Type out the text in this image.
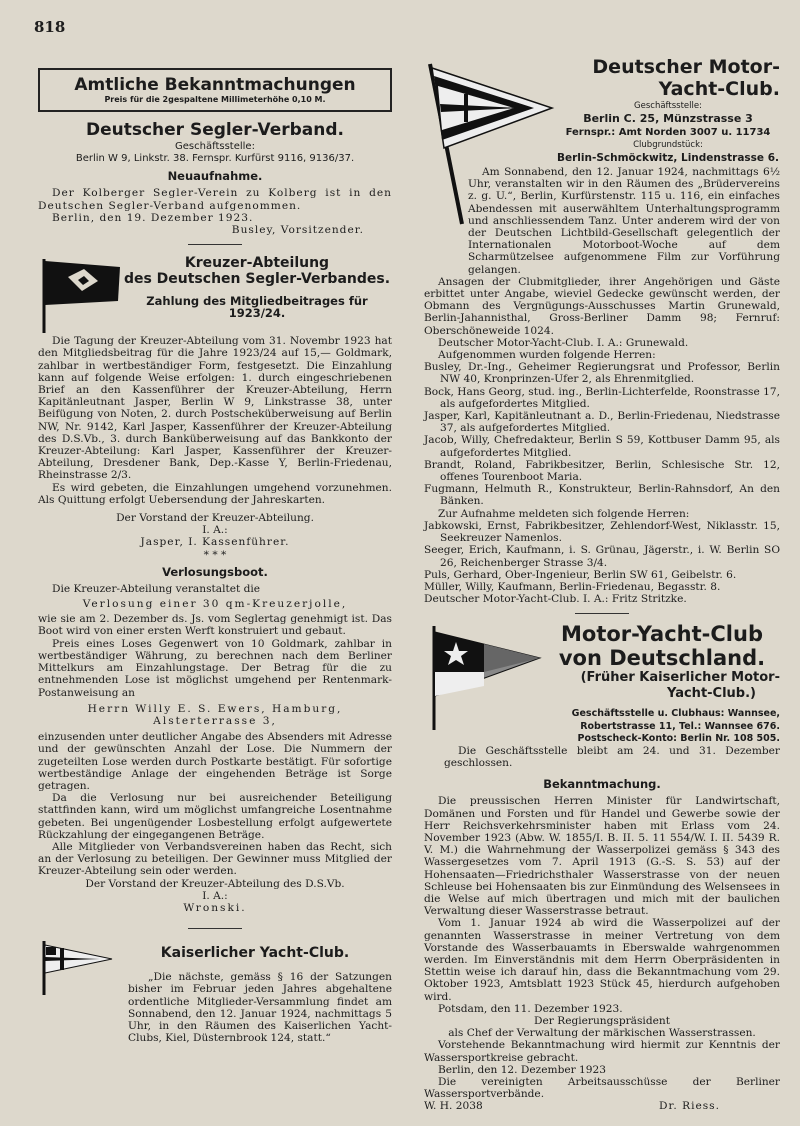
818
Amtliche Bekanntmachungen
Preis für die 2gespaltene Millimeterhöhe 0,10 M.
Deutscher Segler-Verband.

Geschäftsstelle:

Berlin W 9, Linkstr. 38. Fernspr. Kurfürst 9116, 9136/37.

Neuaufnahme.

Der Kolberger Segler-Verein zu Kolberg ist in den Deutschen Segler-Verband aufgenommen.

Berlin, den 19. Dezember 1923.

Busley, Vorsitzender.

Kreuzer-Abteilung
des Deutschen Segler-Verbandes.
Zahlung des Mitgliedbeitrages für 1923/24.

Die Tagung der Kreuzer-Abteilung vom 31. Novembr 1923 hat den Mitgliedsbeitrag für die Jahre 1923/24 auf 15,— Goldmark, zahlbar in wertbeständiger Form, festgesetzt. Die Einzahlung kann auf folgende Weise erfolgen: 1. durch eingeschriebenen Brief an den Kassenführer der Kreuzer-Abteilung, Herrn Kapitänleutnant Jasper, Berlin W 9, Linkstrasse 38, unter Beifügung von Noten, 2. durch Postscheküberweisung auf Berlin NW, Nr. 9142, Karl Jasper, Kassenführer der Kreuzer-Abteilung des D.S.Vb., 3. durch Banküberweisung auf das Bankkonto der Kreuzer-Abteilung: Karl Jasper, Kassenführer der Kreuzer-Abteilung, Dresdener Bank, Dep.-Kasse Y, Berlin-Friedenau, Rheinstrasse 2/3.

Es wird gebeten, die Einzahlungen umgehend vorzunehmen. Als Quittung erfolgt Uebersendung der Jahreskarten.

Der Vorstand der Kreuzer-Abteilung.

I. A.:

Jasper, I. Kassenführer.

* * *

Verlosungsboot.

Die Kreuzer-Abteilung veranstaltet die

Verlosung einer 30 qm-Kreuzerjolle,

wie sie am 2. Dezember ds. Js. vom Seglertag genehmigt ist. Das Boot wird von einer ersten Werft konstruiert und gebaut.

Preis eines Loses Gegenwert von 10 Goldmark, zahlbar in wertbeständiger Währung, zu berechnen nach dem Berliner Mittelkurs am Einzahlungstage. Der Betrag für die zu entnehmenden Lose ist möglichst umgehend per Rentenmark-Postanweisung an

Herrn Willy E. S. Ewers, Hamburg, Alsterterrasse 3,

einzusenden unter deutlicher Angabe des Absenders mit Adresse und der gewünschten Anzahl der Lose. Die Nummern der zugeteilten Lose werden durch Postkarte bestätigt. Für sofortige wertbeständige Anlage der eingehenden Beträge ist Sorge getragen.

Da die Verlosung nur bei ausreichender Beteiligung stattfinden kann, wird um möglichst umfangreiche Losentnahme gebeten. Bei ungenügender Losbestellung erfolgt aufgewertete Rückzahlung der eingegangenen Beträge.

Alle Mitglieder von Verbandsvereinen haben das Recht, sich an der Verlosung zu beteiligen. Der Gewinner muss Mitglied der Kreuzer-Abteilung sein oder werden.

Der Vorstand der Kreuzer-Abteilung des D.S.Vb.

I. A.:

Wronski.

Kaiserlicher Yacht-Club.

„Die nächste, gemäss § 16 der Satzungen bisher im Februar jeden Jahres abgehaltene ordentliche Mitglieder-Versammlung findet am Sonnabend, den 12. Januar 1924, nachmittags 5 Uhr, in den Räumen des Kaiserlichen Yacht-Clubs, Kiel, Düsternbrook 124, statt.“

Deutscher Motor-Yacht-Club.

Geschäftsstelle:

Berlin C. 25, Münzstrasse 3

Fernspr.: Amt Norden 3007 u. 11734

Clubgrundstück:

Berlin-Schmöckwitz, Lindenstrasse 6.

Am Sonnabend, den 12. Januar 1924, nachmittags 6½ Uhr, veranstalten wir in den Räumen des „Brüdervereins z. g. U.“, Berlin, Kurfürstenstr. 115 u. 116, ein einfaches Abendessen mit auserwähltem Unterhaltungsprogramm und anschliessendem Tanz. Unter anderem wird der von der Deutschen Lichtbild-Gesellschaft gelegentlich der Internationalen Motorboot-Woche auf dem Scharmützelsee aufgenommene Film zur Vorführung gelangen.

Ansagen der Clubmitglieder, ihrer Angehörigen und Gäste erbittet unter Angabe, wieviel Gedecke gewünscht werden, der Obmann des Vergnügungs-Ausschusses Martin Grunewald, Berlin-Jahannisthal, Gross-Berliner Damm 98; Fernruf: Oberschöneweide 1024.

Deutscher Motor-Yacht-Club. I. A.: Grunewald.

Aufgenommen wurden folgende Herren:

Busley, Dr.-Ing., Geheimer Regierungsrat und Professor, Berlin NW 40, Kronprinzen-Ufer 2, als Ehrenmitglied.

Bock, Hans Georg, stud. ing., Berlin-Lichterfelde, Roonstrasse 17, als aufgefordertes Mitglied.

Jasper, Karl, Kapitänleutnant a. D., Berlin-Friedenau, Niedstrasse 37, als aufgefordertes Mitglied.

Jacob, Willy, Chefredakteur, Berlin S 59, Kottbuser Damm 95, als aufgefordertes Mitglied.

Brandt, Roland, Fabrikbesitzer, Berlin, Schlesische Str. 12, offenes Tourenboot Maria.

Fugmann, Helmuth R., Konstrukteur, Berlin-Rahnsdorf, An den Bänken.

Zur Aufnahme meldeten sich folgende Herren:

Jabkowski, Ernst, Fabrikbesitzer, Zehlendorf-West, Niklasstr. 15, Seekreuzer Namenlos.

Seeger, Erich, Kaufmann, i. S. Grünau, Jägerstr., i. W. Berlin SO 26, Reichenberger Strasse 3/4.

Puls, Gerhard, Ober-Ingenieur, Berlin SW 61, Geibelstr. 6.

Müller, Willy, Kaufmann, Berlin-Friedenau, Begasstr. 8.

Deutscher Motor-Yacht-Club. I. A.: Fritz Stritzke.

Motor-Yacht-Club
von Deutschland.
(Früher Kaiserlicher Motor-
Yacht-Club.)

Geschäftsstelle u. Clubhaus: Wannsee,

Robertstrasse 11, Tel.: Wannsee 676.

Postscheck-Konto: Berlin Nr. 108 505.

Die Geschäftsstelle bleibt am 24. und 31. Dezember geschlossen.

Bekanntmachung.

Die preussischen Herren Minister für Landwirtschaft, Domänen und Forsten und für Handel und Gewerbe sowie der Herr Reichsverkehrsminister haben mit Erlass vom 24. November 1923 (Abw. W. 1855/I. B. II. 5. 11 554/W. I. II. 5439 R. V. M.) die Wahrnehmung der Wasserpolizei gemäss § 343 des Wassergesetzes vom 7. April 1913 (G.-S. S. 53) auf der Hohensaaten—Friedrichsthaler Wasserstrasse von der neuen Schleuse bei Hohensaaten bis zur Einmündung des Welsensees in die Welse auf mich übertragen und mich mit der baulichen Verwaltung dieser Wasserstrasse betraut.

Vom 1. Januar 1924 ab wird die Wasserpolizei auf der genannten Wasserstrasse in meiner Vertretung von dem Vorstande des Wasserbauamts in Eberswalde wahrgenommen werden. Im Einverständnis mit dem Herrn Oberpräsidenten in Stettin weise ich darauf hin, dass die Bekanntmachung vom 29. Oktober 1923, Amtsblatt 1923 Stück 45, hierdurch aufgehoben wird.

Potsdam, den 11. Dezember 1923.

Der Regierungspräsident

als Chef der Verwaltung der märkischen Wasserstrassen.

Vorstehende Bekanntmachung wird hiermit zur Kenntnis der Wassersportkreise gebracht.

Berlin, den 12. Dezember 1923

Die vereinigten Arbeitsausschüsse der Berliner Wassersportverbände.

W. H. 2038	Dr. Riess.
